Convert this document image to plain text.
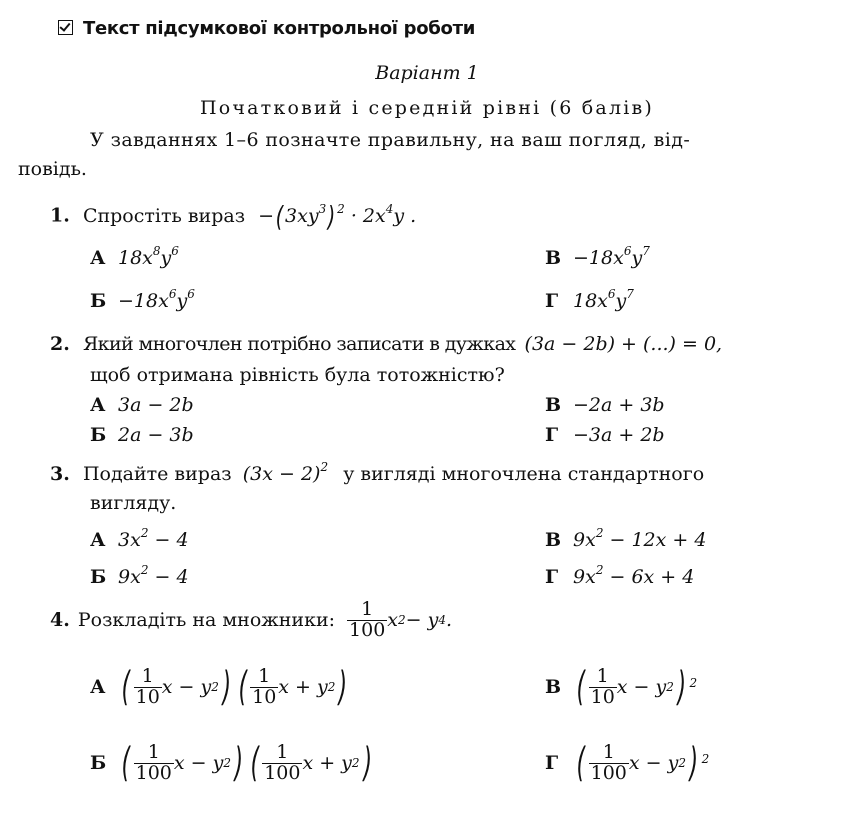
Текст підсумкової контрольної роботи
Варіант 1
Початковий і середній рівні (6 балів)
У завданнях 1–6 позначте правильну, на ваш погляд, від-
повідь.
1. Спростіть вираз $-(3xy^3) ^2 \cdot 2x^4y$ .
А $18x^8y^6$	$В -18x^6y^7$
$Б -18x^6y^6$	Г $18x^6y^7$
2. Який многочлен потрібно записати в дужках (3a − 2b) + (...) = 0,
щоб отримана рівність була тотожністю?
А 3a − 2b	В −2a + 3b
Б 2a − 3b	Г −3a + 2b
3. Подайте вираз $(3x - 2)^2$ у вигляді многочлена стандартного
вигляду.
А $3x^2 - 4$	В $9x^2 - 12x + 4$
Б $9x^2 - 4$	Г $9x^2 - 6x + 4$
4. Розкладіть на множники: $\frac{1}{100}$ x 2 − y 4 .
А ( $\frac{1}{10}$ x − y 2 ) ( $\frac{1}{10}$ x + y 2 )	В ( $\frac{1}{10}$ x − y 2 ) 2
Б ( $\frac{1}{100}$ x − y 2 ) ( $\frac{1}{100}$ x + y 2 )	Г ( $\frac{1}{100}$ x − y 2 ) 2
